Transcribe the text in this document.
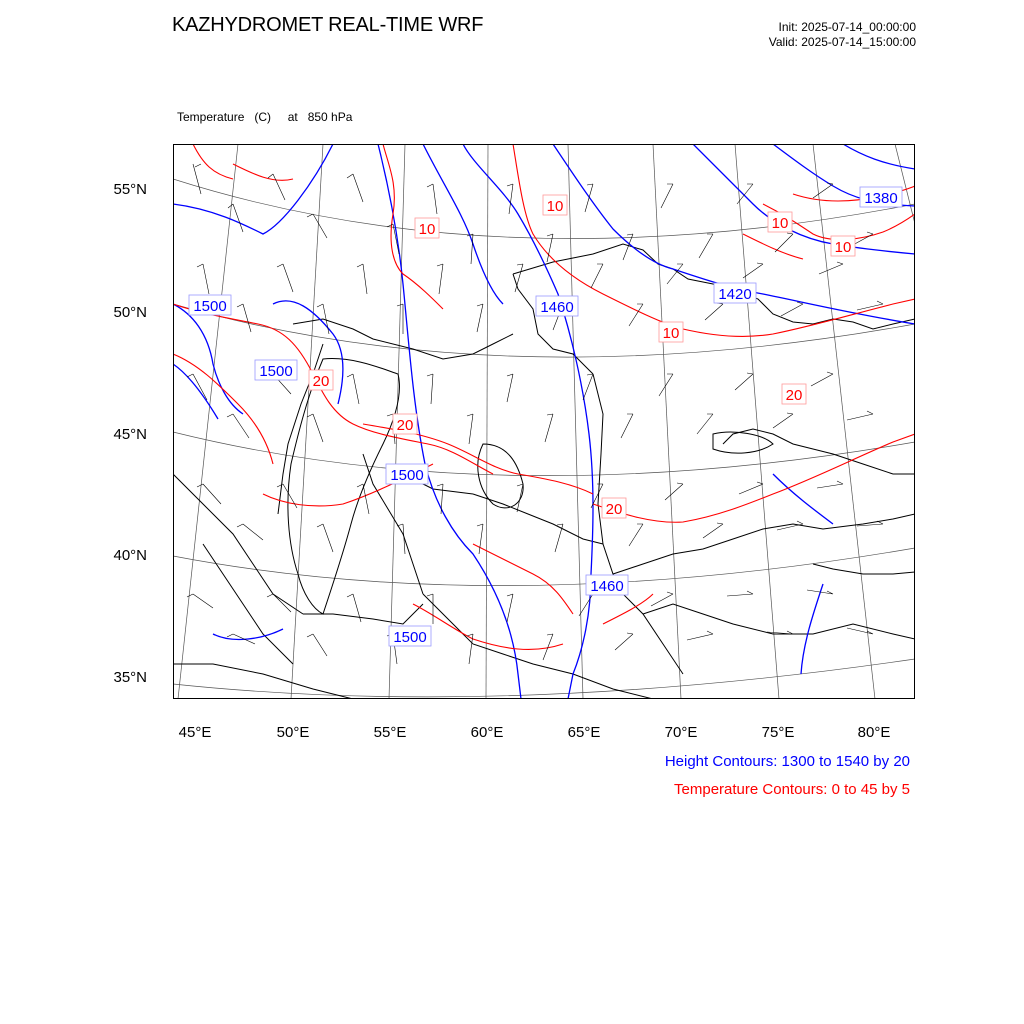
KAZHYDROMET REAL-TIME WRF	Init: 2025-07-14_00:00:00
Valid: 2025-07-14_15:00:00

Temperature   (C)     at   850 hPa

55°N
50°N
45°N
40°N
35°N
45°E	50°E	55°E	60°E	65°E	70°E	75°E	80°E
1380
1420
1460
1500
1500
1500
1460
1500
10
10	10
10
10
20
20
20
20
Height Contours: 1300 to 1540 by 20
Temperature Contours: 0 to 45 by 5
